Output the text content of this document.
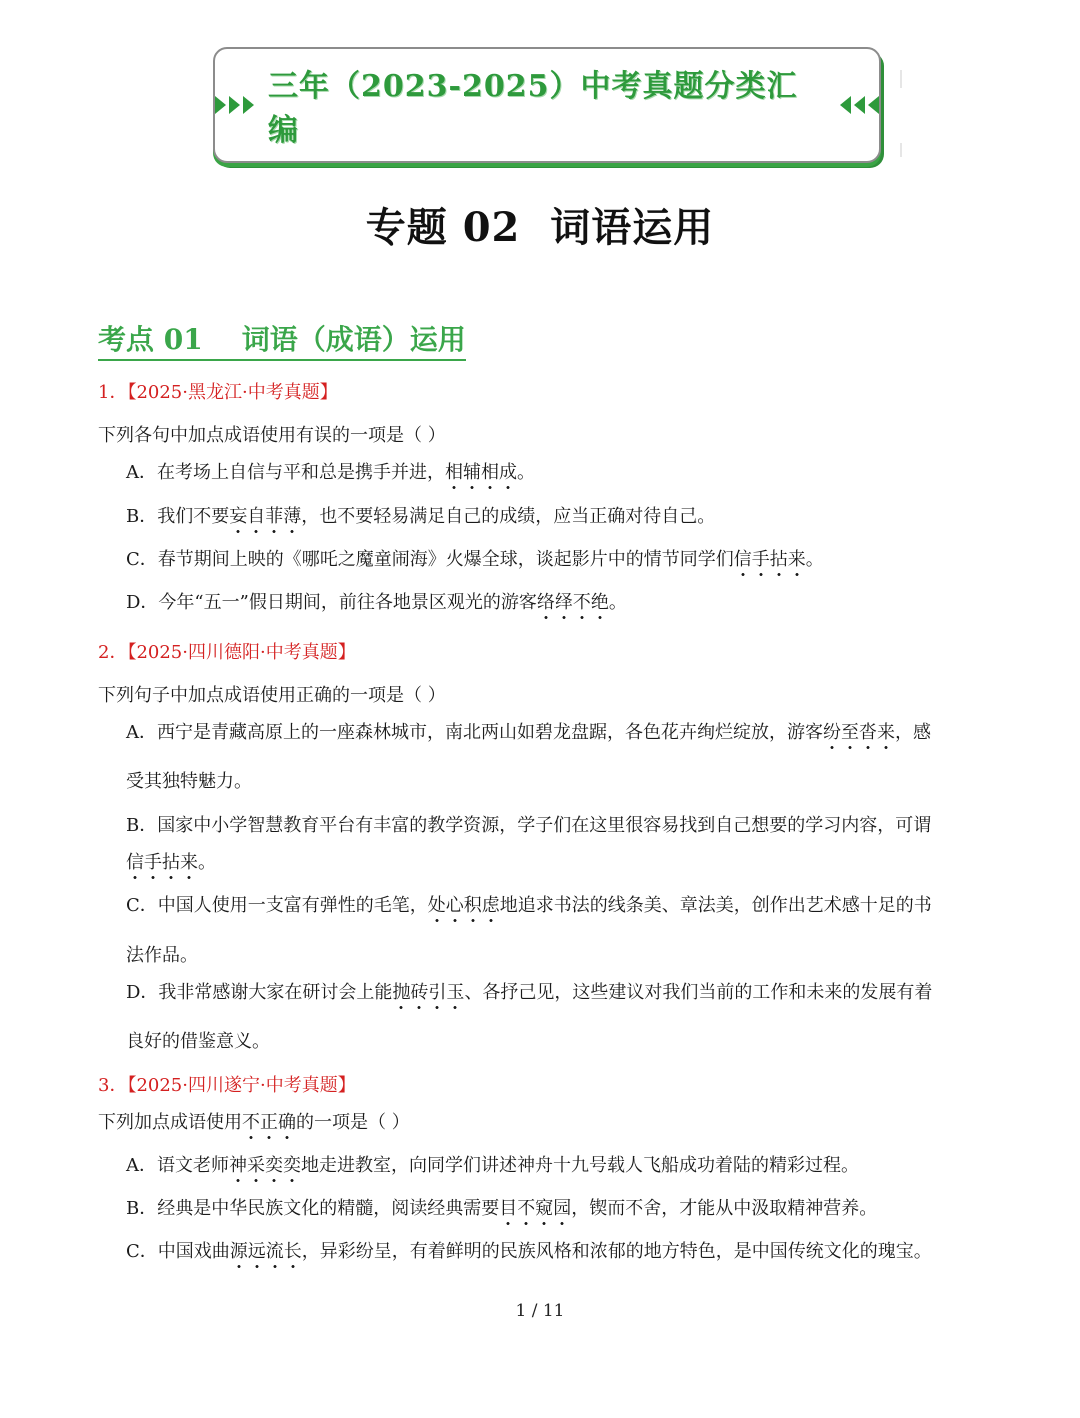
三年（2023-2025）中考真题分类汇编
专题 02  词语运用
考点 01 词语（成语）运用
1．【2025·黑龙江·中考真题】
下列各句中加点成语使用有误的一项是（ ）
A．在考场上自信与平和总是携手并进，相辅相成。
B．我们不要妄自菲薄，也不要轻易满足自己的成绩，应当正确对待自己。
C．春节期间上映的《哪吒之魔童闹海》火爆全球，谈起影片中的情节同学们信手拈来。
D．今年“五一”假日期间，前往各地景区观光的游客络绎不绝。
2．【2025·四川德阳·中考真题】
下列句子中加点成语使用正确的一项是（ ）
A．西宁是青藏高原上的一座森林城市，南北两山如碧龙盘踞，各色花卉绚烂绽放，游客纷至沓来，感
受其独特魅力。
B．国家中小学智慧教育平台有丰富的教学资源，学子们在这里很容易找到自己想要的学习内容，可谓
信手拈来。
C．中国人使用一支富有弹性的毛笔，处心积虑地追求书法的线条美、章法美，创作出艺术感十足的书
法作品。
D．我非常感谢大家在研讨会上能抛砖引玉、各抒己见，这些建议对我们当前的工作和未来的发展有着
良好的借鉴意义。
3．【2025·四川遂宁·中考真题】
下列加点成语使用不正确的一项是（ ）
A．语文老师神采奕奕地走进教室，向同学们讲述神舟十九号载人飞船成功着陆的精彩过程。
B．经典是中华民族文化的精髓，阅读经典需要目不窥园，锲而不舍，才能从中汲取精神营养。
C．中国戏曲源远流长，异彩纷呈，有着鲜明的民族风格和浓郁的地方特色，是中国传统文化的瑰宝。
1 / 11
